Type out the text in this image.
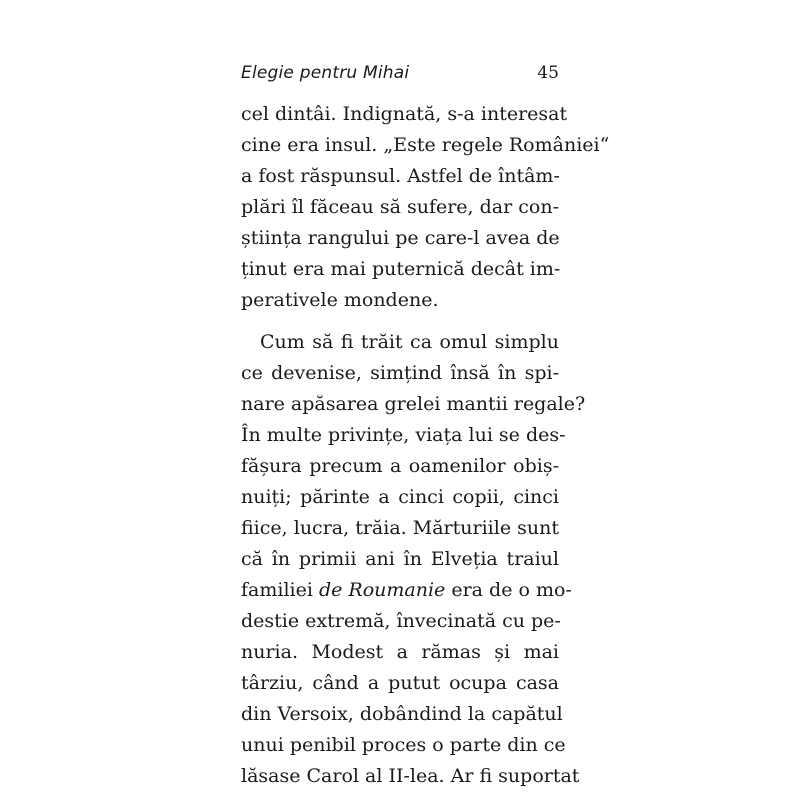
Elegie pentru Mihai	45
cel dintâi. Indignată, s-a interesat
cine era insul. „Este regele României“
a fost răspunsul. Astfel de întâm-
plări îl făceau să sufere, dar con-
știința rangului pe care-l avea de
ținut era mai puternică decât im-
perativele mondene.
Cum să fi trăit ca omul simplu
ce devenise, simțind însă în spi-
nare apăsarea grelei mantii regale?
În multe privințe, viața lui se des-
fășura precum a oamenilor obiș-
nuiți; părinte a cinci copii, cinci
fiice, lucra, trăia. Mărturiile sunt
că în primii ani în Elveția traiul
familiei de Roumanie era de o mo-
destie extremă, învecinată cu pe-
nuria. Modest a rămas și mai
târziu, când a putut ocupa casa
din Versoix, dobândind la capătul
unui penibil proces o parte din ce
lăsase Carol al II-lea. Ar fi suportat
